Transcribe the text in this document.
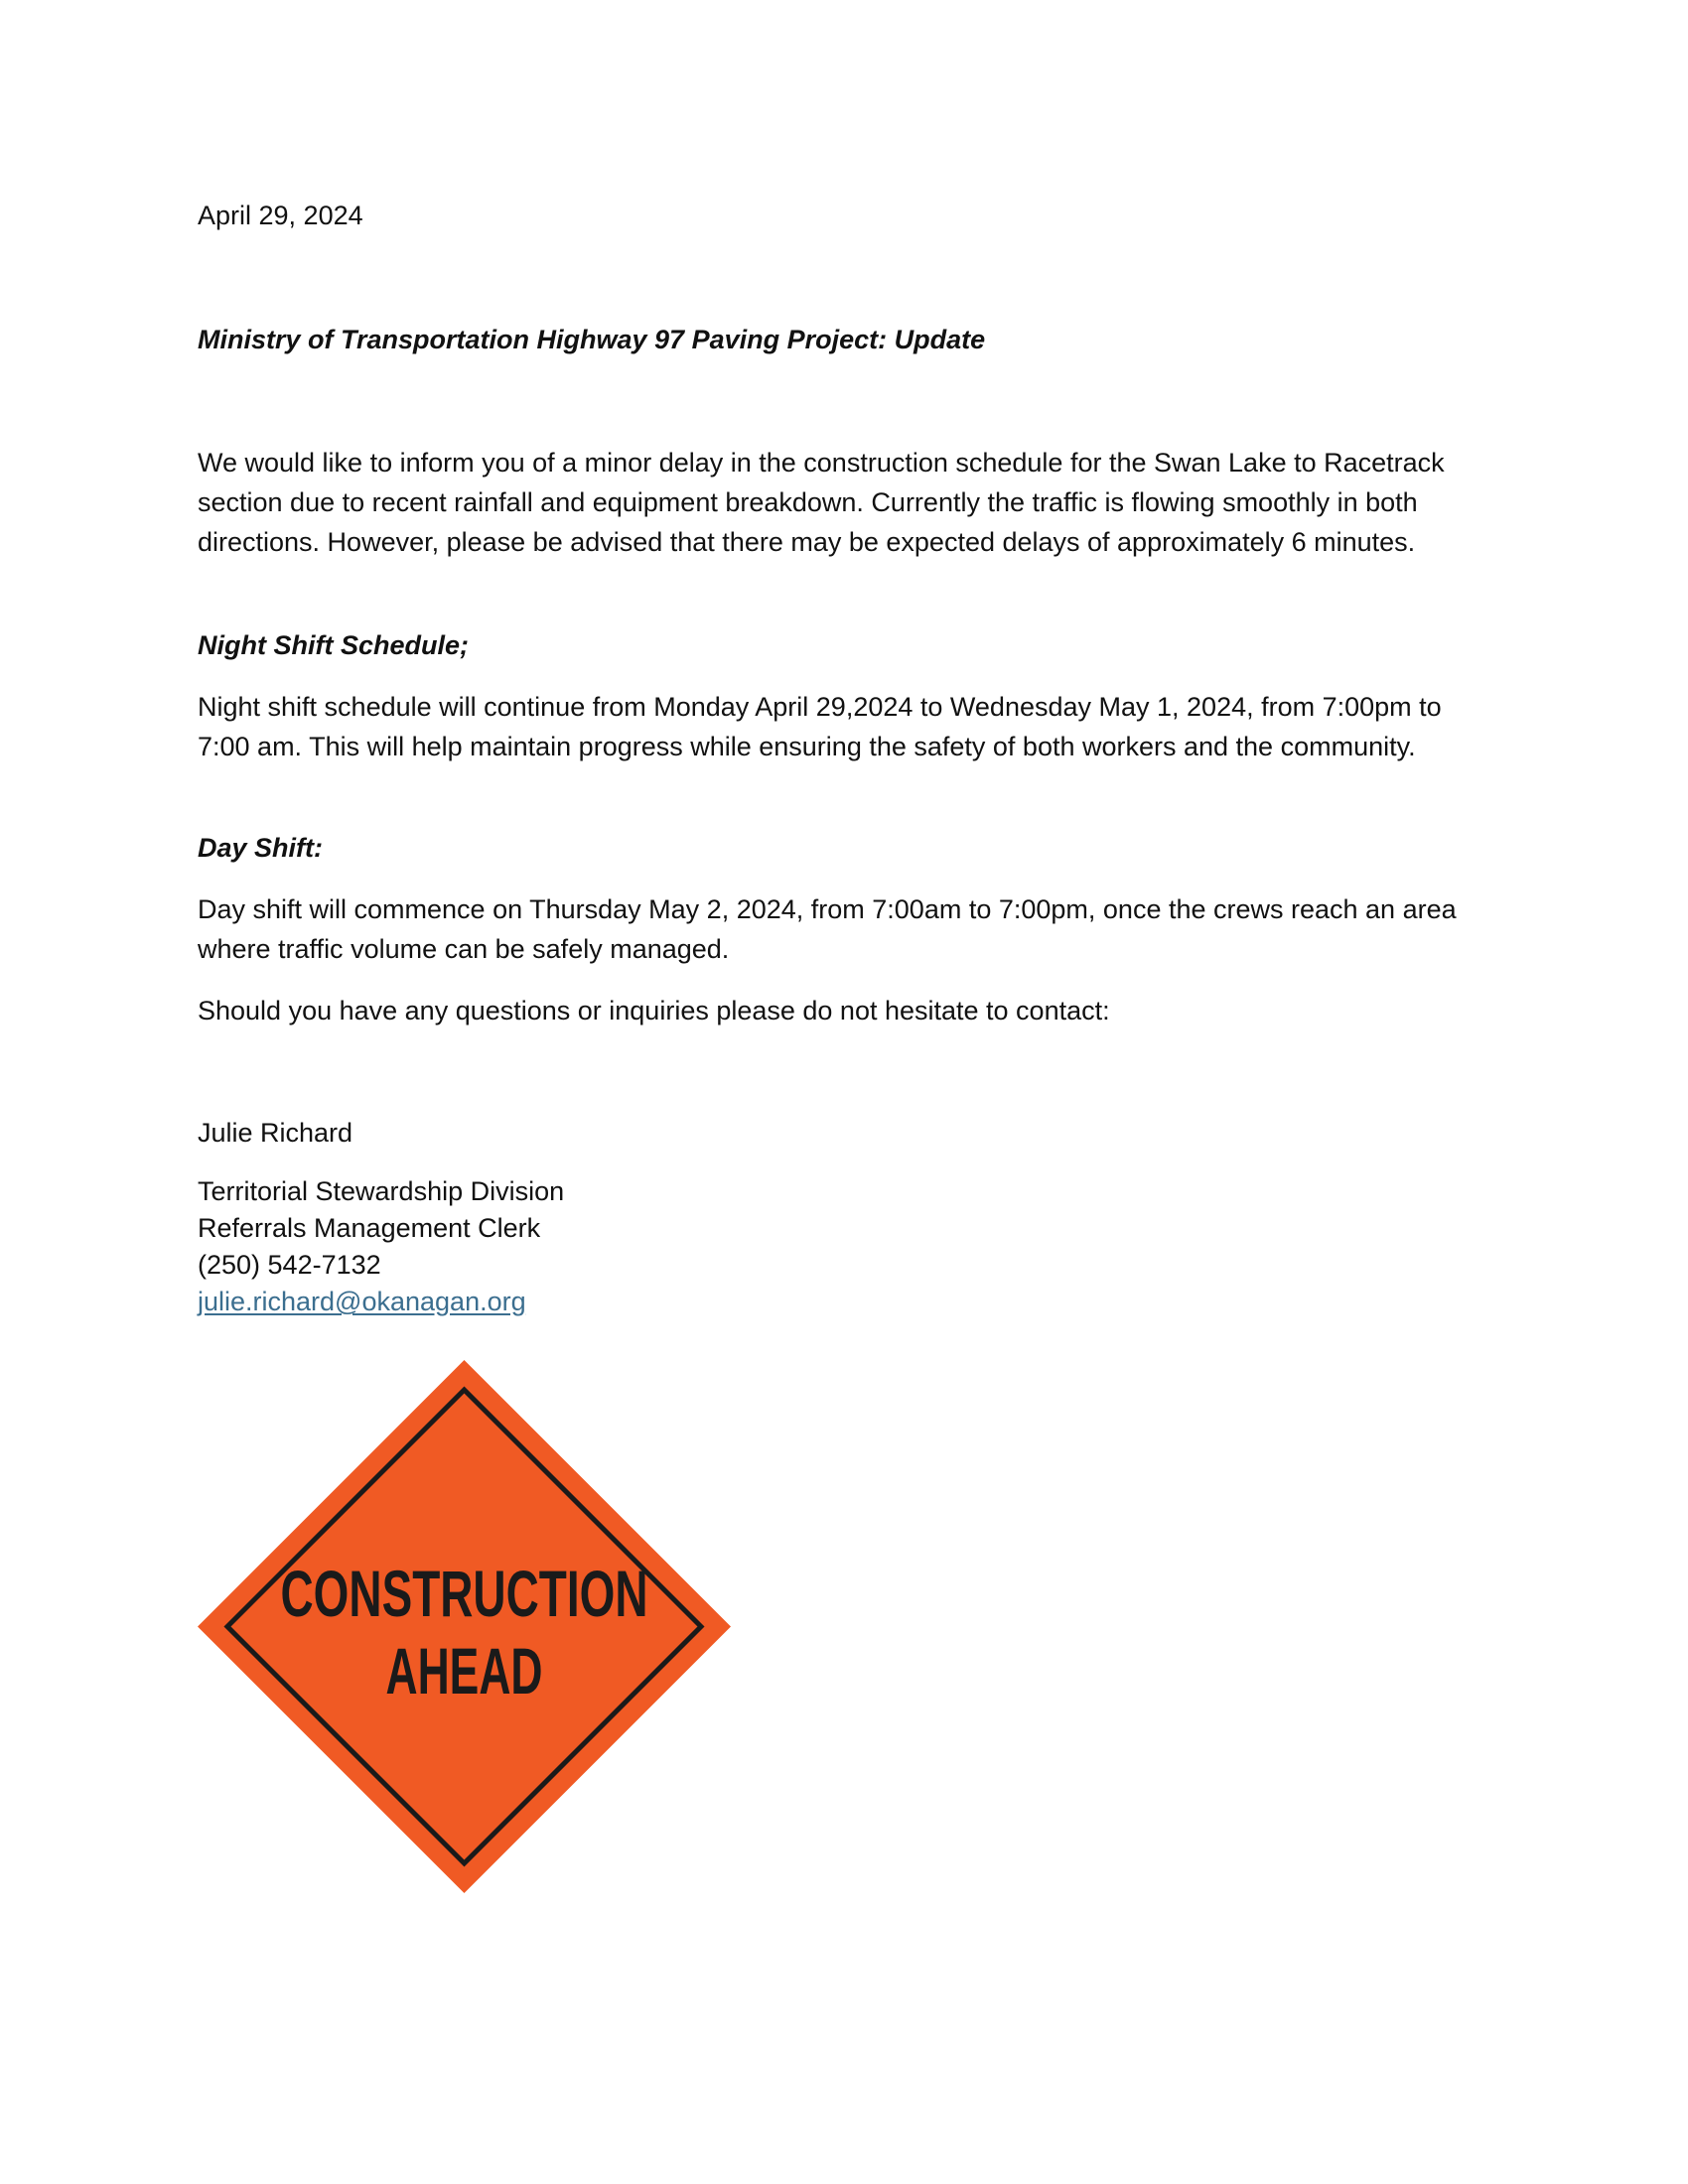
April 29, 2024

Ministry of Transportation Highway 97 Paving Project: Update

We would like to inform you of a minor delay in the construction schedule for the Swan Lake to Racetrack section due to recent rainfall and equipment breakdown. Currently the traffic is flowing smoothly in both directions. However, please be advised that there may be expected delays of approximately 6 minutes.

Night Shift Schedule;

Night shift schedule will continue from Monday April 29,2024 to Wednesday May 1, 2024, from 7:00pm to 7:00 am. This will help maintain progress while ensuring the safety of both workers and the community.

Day Shift:

Day shift will commence on Thursday May 2, 2024, from 7:00am to 7:00pm, once the crews reach an area where traffic volume can be safely managed.

Should you have any questions or inquiries please do not hesitate to contact:

Julie Richard

Territorial Stewardship Division
Referrals Management Clerk
(250) 542-7132
julie.richard@okanagan.org
CONSTRUCTION
AHEAD
